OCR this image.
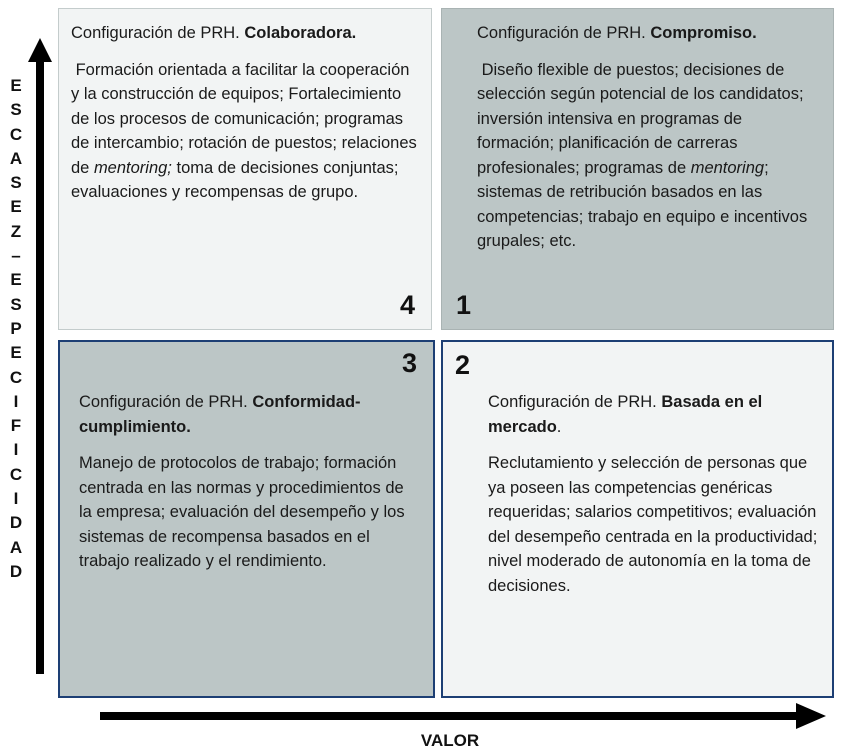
E
S
C
A
S
E
Z
–
E
S
P
E
C
I
F
I
C
I
D
A
D
VALOR

Configuración de PRH. Colaboradora.

Formación orientada a facilitar la cooperación y la construcción de equipos; Fortalecimiento de los procesos de comunicación; programas de intercambio; rotación de puestos; relaciones de mentoring; toma de decisiones conjuntas; evaluaciones y recompensas de grupo.

4

Configuración de PRH. Compromiso.

Diseño flexible de puestos; decisiones de selección según potencial de los candidatos; inversión intensiva en programas de formación; planificación de carreras profesionales; programas de mentoring; sistemas de retribución basados en las competencias; trabajo en equipo e incentivos grupales; etc.

1

Configuración de PRH. Conformidad-cumplimiento.

Manejo de protocolos de trabajo; formación centrada en las normas y procedimientos de la empresa; evaluación del desempeño y los sistemas de recompensa basados en el trabajo realizado y el rendimiento.

3

Configuración de PRH. Basada en el mercado.

Reclutamiento y selección de personas que ya poseen las competencias genéricas requeridas; salarios competitivos; evaluación del desempeño centrada en la productividad; nivel moderado de autonomía en la toma de decisiones.

2
